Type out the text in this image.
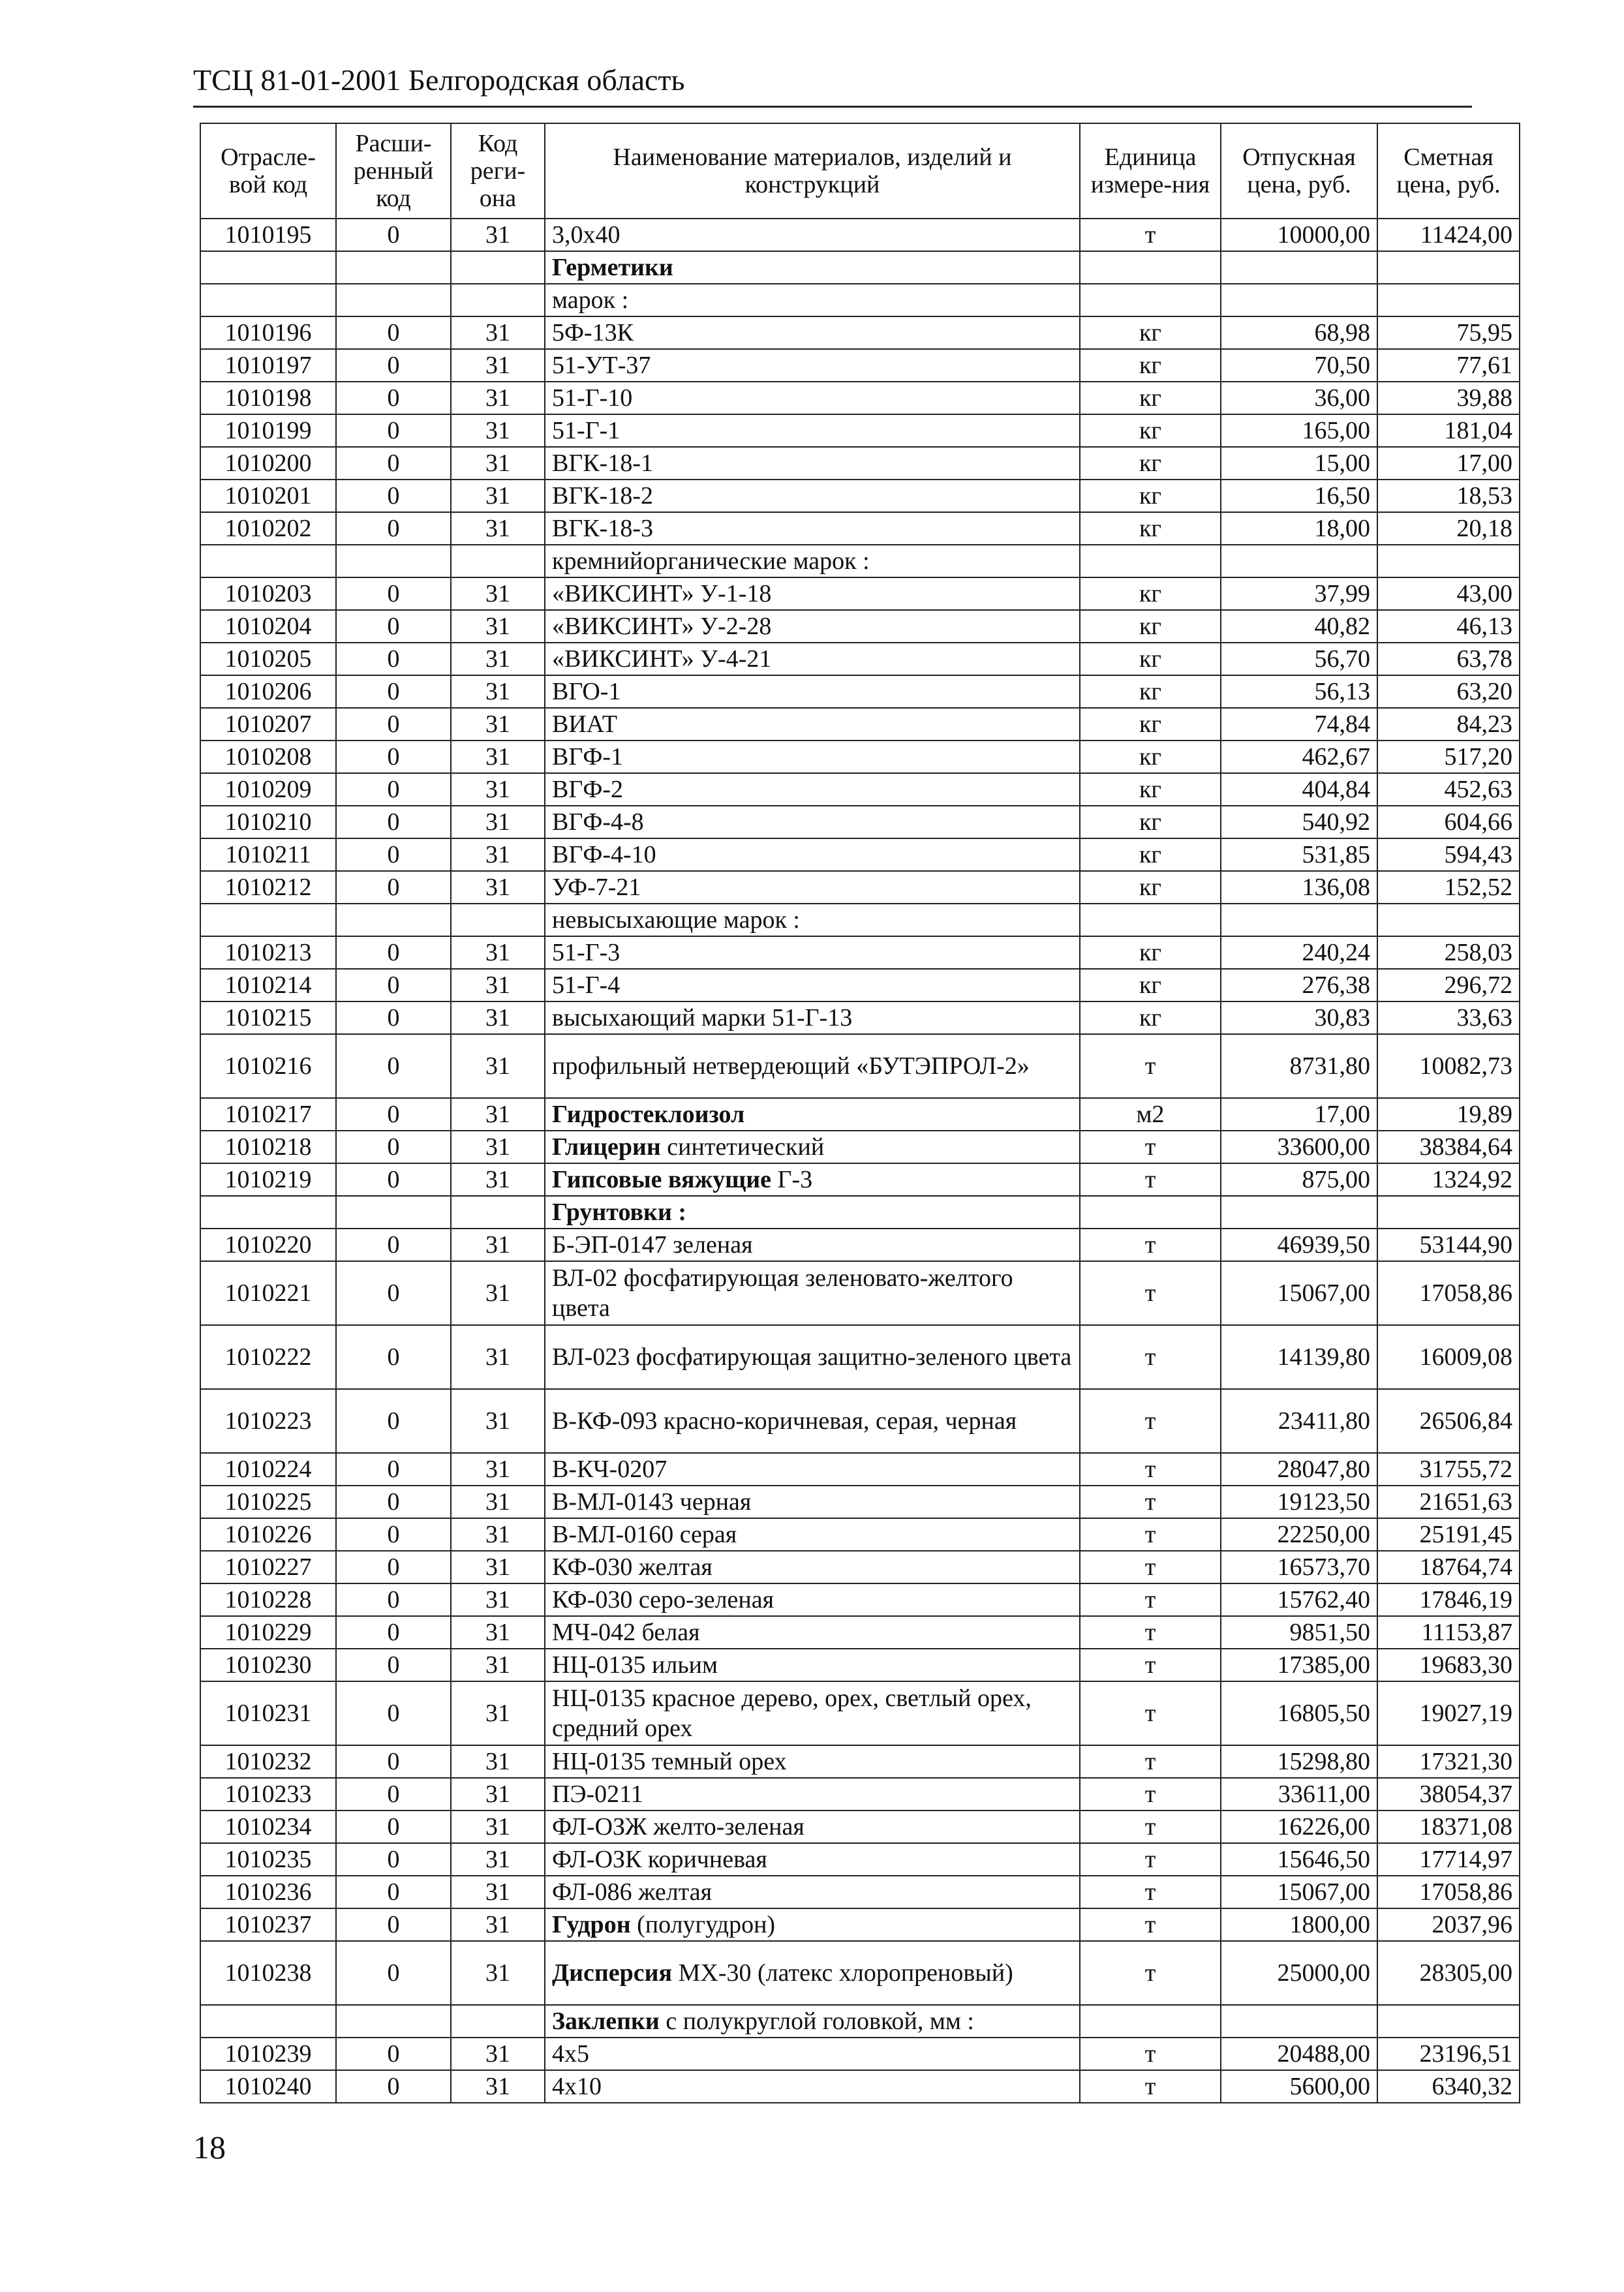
ТСЦ 81-01-2001 Белгородская область
Отрасле-вой код	Расши-ренный код	Код реги-она	Наименование материалов, изделий и конструкций	Единица измере-ния	Отпускная цена, руб.	Сметная цена, руб.
1010195	0	31	3,0х40	т	10000,00	11424,00
			Герметики			
			марок :			
1010196	0	31	5Ф-13К	кг	68,98	75,95
1010197	0	31	51-УТ-37	кг	70,50	77,61
1010198	0	31	51-Г-10	кг	36,00	39,88
1010199	0	31	51-Г-1	кг	165,00	181,04
1010200	0	31	ВГК-18-1	кг	15,00	17,00
1010201	0	31	ВГК-18-2	кг	16,50	18,53
1010202	0	31	ВГК-18-3	кг	18,00	20,18
			кремнийорганические марок :			
1010203	0	31	«ВИКСИНТ» У-1-18	кг	37,99	43,00
1010204	0	31	«ВИКСИНТ» У-2-28	кг	40,82	46,13
1010205	0	31	«ВИКСИНТ» У-4-21	кг	56,70	63,78
1010206	0	31	ВГО-1	кг	56,13	63,20
1010207	0	31	ВИАТ	кг	74,84	84,23
1010208	0	31	ВГФ-1	кг	462,67	517,20
1010209	0	31	ВГФ-2	кг	404,84	452,63
1010210	0	31	ВГФ-4-8	кг	540,92	604,66
1010211	0	31	ВГФ-4-10	кг	531,85	594,43
1010212	0	31	УФ-7-21	кг	136,08	152,52
			невысыхающие марок :			
1010213	0	31	51-Г-3	кг	240,24	258,03
1010214	0	31	51-Г-4	кг	276,38	296,72
1010215	0	31	высыхающий марки 51-Г-13	кг	30,83	33,63
1010216	0	31	профильный нетвердеющий «БУТЭПРОЛ-2»	т	8731,80	10082,73
1010217	0	31	Гидростеклоизол	м2	17,00	19,89
1010218	0	31	Глицерин синтетический	т	33600,00	38384,64
1010219	0	31	Гипсовые вяжущие Г-3	т	875,00	1324,92
			Грунтовки :			
1010220	0	31	Б-ЭП-0147 зеленая	т	46939,50	53144,90
1010221	0	31	ВЛ-02 фосфатирующая зеленовато-желтого цвета	т	15067,00	17058,86
1010222	0	31	ВЛ-023 фосфатирующая защитно-зеленого цвета	т	14139,80	16009,08
1010223	0	31	В-КФ-093 красно-коричневая, серая, черная	т	23411,80	26506,84
1010224	0	31	В-КЧ-0207	т	28047,80	31755,72
1010225	0	31	В-МЛ-0143 черная	т	19123,50	21651,63
1010226	0	31	В-МЛ-0160 серая	т	22250,00	25191,45
1010227	0	31	КФ-030 желтая	т	16573,70	18764,74
1010228	0	31	КФ-030 серо-зеленая	т	15762,40	17846,19
1010229	0	31	МЧ-042 белая	т	9851,50	11153,87
1010230	0	31	НЦ-0135 ильим	т	17385,00	19683,30
1010231	0	31	НЦ-0135 красное дерево, орех, светлый орех, средний орех	т	16805,50	19027,19
1010232	0	31	НЦ-0135 темный орех	т	15298,80	17321,30
1010233	0	31	ПЭ-0211	т	33611,00	38054,37
1010234	0	31	ФЛ-ОЗЖ желто-зеленая	т	16226,00	18371,08
1010235	0	31	ФЛ-ОЗК коричневая	т	15646,50	17714,97
1010236	0	31	ФЛ-086 желтая	т	15067,00	17058,86
1010237	0	31	Гудрон (полугудрон)	т	1800,00	2037,96
1010238	0	31	Дисперсия МХ-30 (латекс хлоропреновый)	т	25000,00	28305,00
			Заклепки с полукруглой головкой, мм :			
1010239	0	31	4х5	т	20488,00	23196,51
1010240	0	31	4х10	т	5600,00	6340,32
18
